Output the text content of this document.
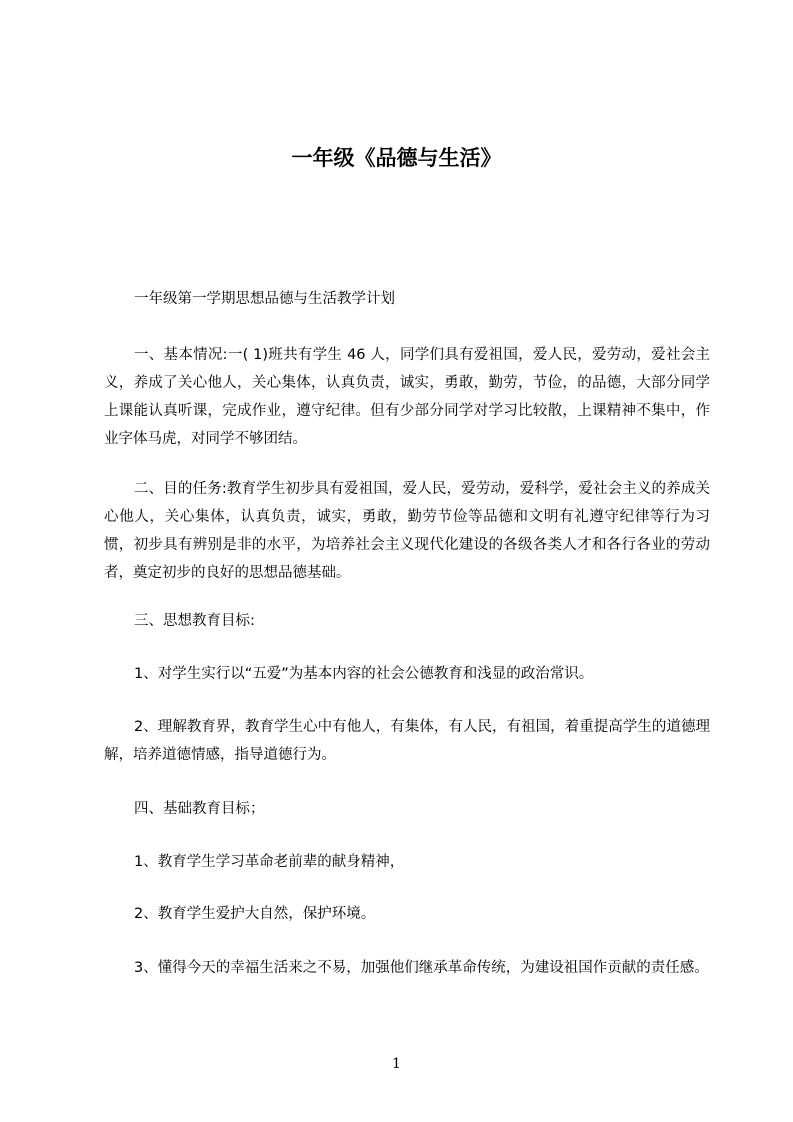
一年级《品德与生活》

一年级第一学期思想品德与生活教学计划

一、基本情况:一( 1)班共有学生 46 人，同学们具有爱祖国，爱人民，爱劳动，爱社会主义，养成了关心他人，关心集体，认真负责，诚实，勇敢，勤劳，节俭，的品德，大部分同学上课能认真听课，完成作业，遵守纪律。但有少部分同学对学习比较散，上课精神不集中，作业字体马虎，对同学不够团结。

二、目的任务:教育学生初步具有爱祖国，爱人民，爱劳动，爱科学，爱社会主义的养成关心他人，关心集体，认真负责，诚实，勇敢，勤劳节俭等品德和文明有礼遵守纪律等行为习惯，初步具有辨别是非的水平，为培养社会主义现代化建设的各级各类人才和各行各业的劳动者，奠定初步的良好的思想品德基础。

三、思想教育目标:

1、对学生实行以“五爱”为基本内容的社会公德教育和浅显的政治常识。

2、理解教育界，教育学生心中有他人，有集体，有人民，有祖国，着重提高学生的道德理解，培养道德情感，指导道德行为。

四、基础教育目标；

1、教育学生学习革命老前辈的献身精神，

2、教育学生爱护大自然，保护环境。

3、懂得今天的幸福生活来之不易，加强他们继承革命传统，为建设祖国作贡献的责任感。

1
